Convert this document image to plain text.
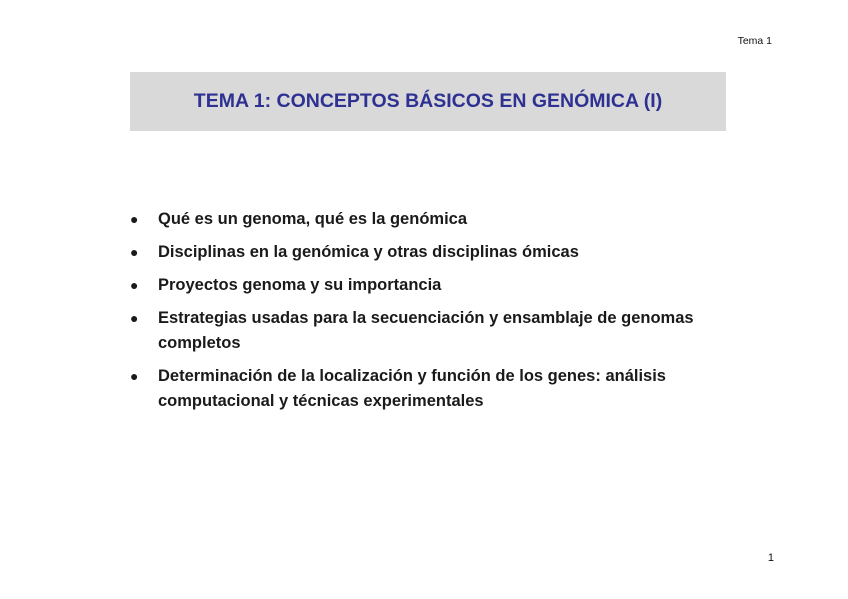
Tema 1
TEMA 1: CONCEPTOS BÁSICOS EN GENÓMICA (I)
● Qué es un genoma, qué es la genómica
● Disciplinas en la genómica y otras disciplinas ómicas
● Proyectos genoma y su importancia
● Estrategias usadas para la secuenciación y ensamblaje de genomas completos
● Determinación de la localización y función de los genes: análisis computacional y técnicas experimentales
1
